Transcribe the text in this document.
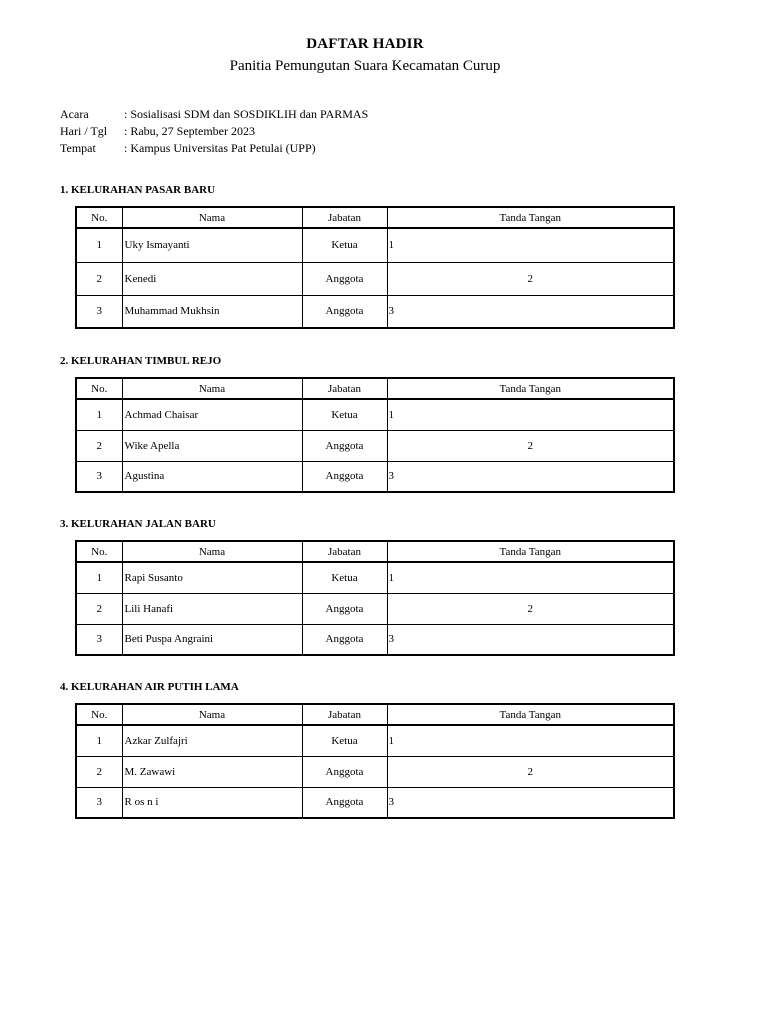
DAFTAR HADIR
Panitia Pemungutan Suara Kecamatan Curup
Acara	: Sosialisasi SDM dan SOSDIKLIH dan PARMAS
Hari / Tgl	: Rabu, 27 September 2023
Tempat	: Kampus Universitas Pat Petulai (UPP)
1. KELURAHAN PASAR BARU
No.	Nama	Jabatan	Tanda Tangan
1	Uky Ismayanti	Ketua	1
2	Kenedi	Anggota	2
3	Muhammad Mukhsin	Anggota	3
2. KELURAHAN TIMBUL REJO
No.	Nama	Jabatan	Tanda Tangan
1	Achmad Chaisar	Ketua	1
2	Wike Apella	Anggota	2
3	Agustina	Anggota	3
3. KELURAHAN JALAN BARU
No.	Nama	Jabatan	Tanda Tangan
1	Rapi Susanto	Ketua	1
2	Lili Hanafi	Anggota	2
3	Beti Puspa Angraini	Anggota	3
4. KELURAHAN AIR PUTIH LAMA
No.	Nama	Jabatan	Tanda Tangan
1	Azkar Zulfajri	Ketua	1
2	M. Zawawi	Anggota	2
3	R os n i	Anggota	3
